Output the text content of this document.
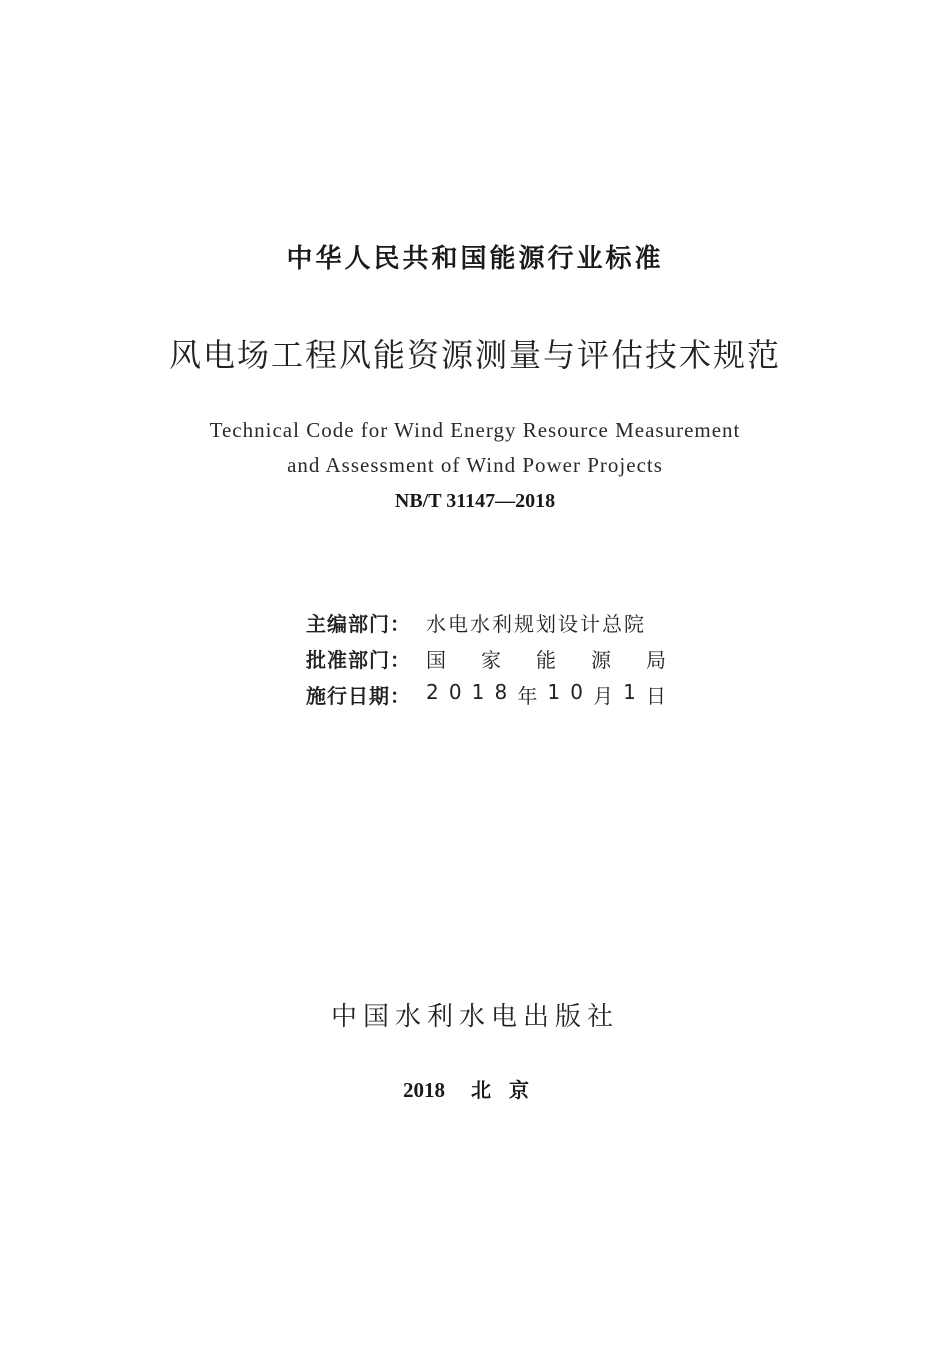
中华人民共和国能源行业标准
风电场工程风能资源测量与评估技术规范
Technical Code for Wind Energy Resource Measurement
and Assessment of Wind Power Projects
NB/T 31147—2018
主编部门： 水电水利规划设计总院
批准部门： 国 家 能 源 局
施行日期： 2 0 1 8 年 1 0 月 1 日
中国水利水电出版社
2018 北京
